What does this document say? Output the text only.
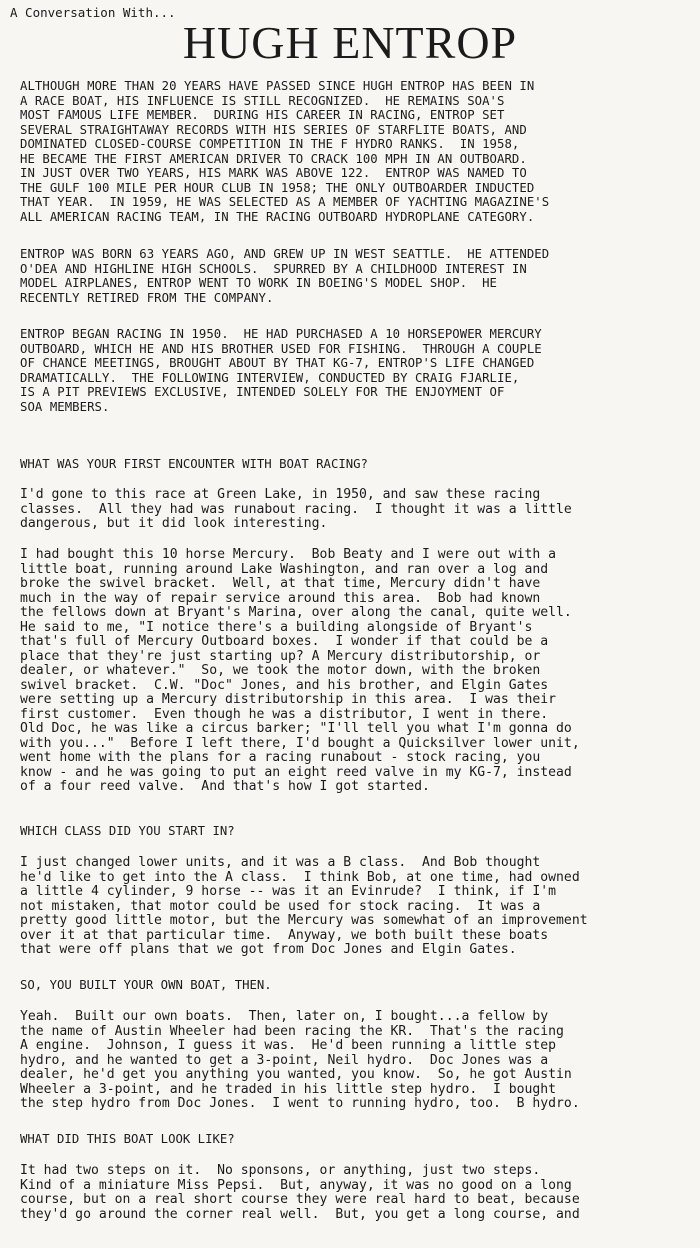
A Conversation With...
HUGH ENTROP
ALTHOUGH MORE THAN 20 YEARS HAVE PASSED SINCE HUGH ENTROP HAS BEEN IN
A RACE BOAT, HIS INFLUENCE IS STILL RECOGNIZED.  HE REMAINS SOA'S
MOST FAMOUS LIFE MEMBER.  DURING HIS CAREER IN RACING, ENTROP SET
SEVERAL STRAIGHTAWAY RECORDS WITH HIS SERIES OF STARFLITE BOATS, AND
DOMINATED CLOSED-COURSE COMPETITION IN THE F HYDRO RANKS.  IN 1958,
HE BECAME THE FIRST AMERICAN DRIVER TO CRACK 100 MPH IN AN OUTBOARD.
IN JUST OVER TWO YEARS, HIS MARK WAS ABOVE 122.  ENTROP WAS NAMED TO
THE GULF 100 MILE PER HOUR CLUB IN 1958; THE ONLY OUTBOARDER INDUCTED
THAT YEAR.  IN 1959, HE WAS SELECTED AS A MEMBER OF YACHTING MAGAZINE'S
ALL AMERICAN RACING TEAM, IN THE RACING OUTBOARD HYDROPLANE CATEGORY.
ENTROP WAS BORN 63 YEARS AGO, AND GREW UP IN WEST SEATTLE.  HE ATTENDED
O'DEA AND HIGHLINE HIGH SCHOOLS.  SPURRED BY A CHILDHOOD INTEREST IN
MODEL AIRPLANES, ENTROP WENT TO WORK IN BOEING'S MODEL SHOP.  HE
RECENTLY RETIRED FROM THE COMPANY.
ENTROP BEGAN RACING IN 1950.  HE HAD PURCHASED A 10 HORSEPOWER MERCURY
OUTBOARD, WHICH HE AND HIS BROTHER USED FOR FISHING.  THROUGH A COUPLE
OF CHANCE MEETINGS, BROUGHT ABOUT BY THAT KG-7, ENTROP'S LIFE CHANGED
DRAMATICALLY.  THE FOLLOWING INTERVIEW, CONDUCTED BY CRAIG FJARLIE,
IS A PIT PREVIEWS EXCLUSIVE, INTENDED SOLELY FOR THE ENJOYMENT OF
SOA MEMBERS.
WHAT WAS YOUR FIRST ENCOUNTER WITH BOAT RACING?
I'd gone to this race at Green Lake, in 1950, and saw these racing
classes.  All they had was runabout racing.  I thought it was a little
dangerous, but it did look interesting.
I had bought this 10 horse Mercury.  Bob Beaty and I were out with a
little boat, running around Lake Washington, and ran over a log and
broke the swivel bracket.  Well, at that time, Mercury didn't have
much in the way of repair service around this area.  Bob had known
the fellows down at Bryant's Marina, over along the canal, quite well.
He said to me, "I notice there's a building alongside of Bryant's
that's full of Mercury Outboard boxes.  I wonder if that could be a
place that they're just starting up? A Mercury distributorship, or
dealer, or whatever."  So, we took the motor down, with the broken
swivel bracket.  C.W. "Doc" Jones, and his brother, and Elgin Gates
were setting up a Mercury distributorship in this area.  I was their
first customer.  Even though he was a distributor, I went in there.
Old Doc, he was like a circus barker; "I'll tell you what I'm gonna do
with you..."  Before I left there, I'd bought a Quicksilver lower unit,
went home with the plans for a racing runabout - stock racing, you
know - and he was going to put an eight reed valve in my KG-7, instead
of a four reed valve.  And that's how I got started.
WHICH CLASS DID YOU START IN?
I just changed lower units, and it was a B class.  And Bob thought
he'd like to get into the A class.  I think Bob, at one time, had owned
a little 4 cylinder, 9 horse -- was it an Evinrude?  I think, if I'm
not mistaken, that motor could be used for stock racing.  It was a
pretty good little motor, but the Mercury was somewhat of an improvement
over it at that particular time.  Anyway, we both built these boats
that were off plans that we got from Doc Jones and Elgin Gates.
SO, YOU BUILT YOUR OWN BOAT, THEN.
Yeah.  Built our own boats.  Then, later on, I bought...a fellow by
the name of Austin Wheeler had been racing the KR.  That's the racing
A engine.  Johnson, I guess it was.  He'd been running a little step
hydro, and he wanted to get a 3-point, Neil hydro.  Doc Jones was a
dealer, he'd get you anything you wanted, you know.  So, he got Austin
Wheeler a 3-point, and he traded in his little step hydro.  I bought
the step hydro from Doc Jones.  I went to running hydro, too.  B hydro.
WHAT DID THIS BOAT LOOK LIKE?
It had two steps on it.  No sponsons, or anything, just two steps.
Kind of a miniature Miss Pepsi.  But, anyway, it was no good on a long
course, but on a real short course they were real hard to beat, because
they'd go around the corner real well.  But, you get a long course, and
